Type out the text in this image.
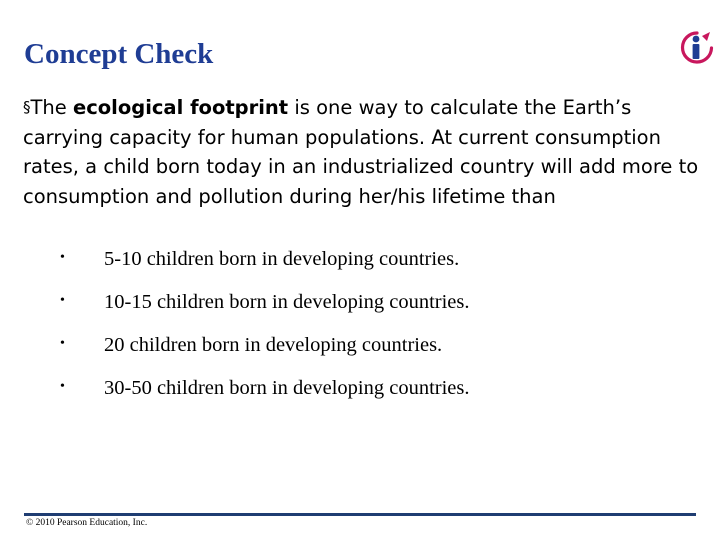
Concept Check
§The ecological footprint is one way to calculate the Earth’s carrying capacity for human populations. At current consumption rates, a child born today in an industrialized country will add more to consumption and pollution during her/his lifetime than
• 5-10 children born in developing countries.
• 10-15 children born in developing countries.
• 20 children born in developing countries.
• 30-50 children born in developing countries.
© 2010 Pearson Education, Inc.
